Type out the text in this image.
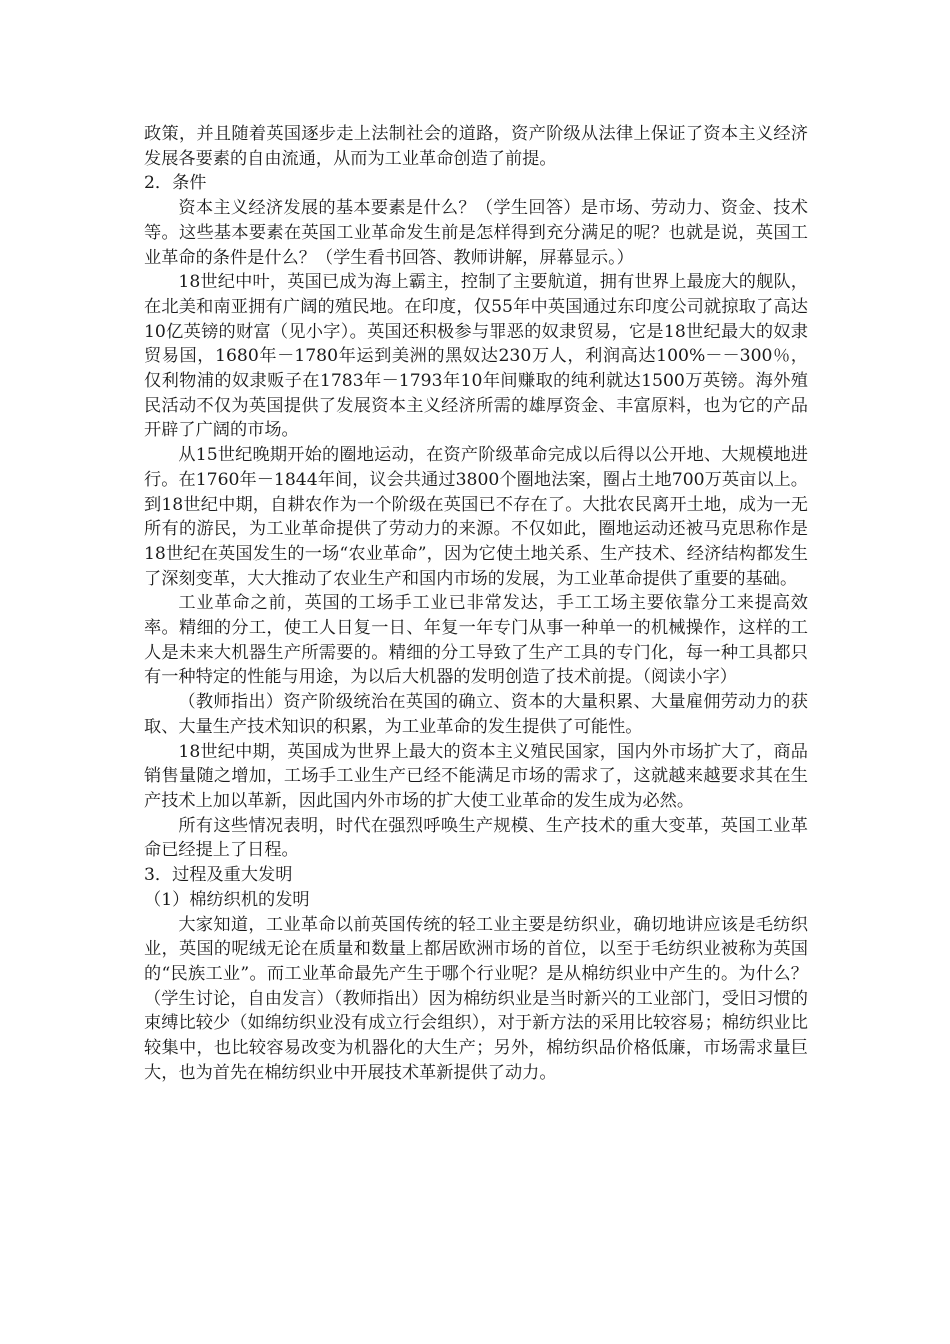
政策，并且随着英国逐步走上法制社会的道路，资产阶级从法律上保证了资本主义经济发展各要素的自由流通，从而为工业革命创造了前提。

2．条件

资本主义经济发展的基本要素是什么？（学生回答）是市场、劳动力、资金、技术等。这些基本要素在英国工业革命发生前是怎样得到充分满足的呢？也就是说，英国工业革命的条件是什么？（学生看书回答、教师讲解，屏幕显示。）

18世纪中叶，英国已成为海上霸主，控制了主要航道，拥有世界上最庞大的舰队，在北美和南亚拥有广阔的殖民地。在印度，仅55年中英国通过东印度公司就掠取了高达10亿英镑的财富（见小字）。英国还积极参与罪恶的奴隶贸易，它是18世纪最大的奴隶贸易国，1680年－1780年运到美洲的黑奴达230万人，利润高达100%－－300％，仅利物浦的奴隶贩子在1783年－1793年10年间赚取的纯利就达1500万英镑。海外殖民活动不仅为英国提供了发展资本主义经济所需的雄厚资金、丰富原料，也为它的产品开辟了广阔的市场。

从15世纪晚期开始的圈地运动，在资产阶级革命完成以后得以公开地、大规模地进行。在1760年－1844年间，议会共通过3800个圈地法案，圈占土地700万英亩以上。到18世纪中期，自耕农作为一个阶级在英国已不存在了。大批农民离开土地，成为一无所有的游民，为工业革命提供了劳动力的来源。不仅如此，圈地运动还被马克思称作是18世纪在英国发生的一场“农业革命”，因为它使土地关系、生产技术、经济结构都发生了深刻变革，大大推动了农业生产和国内市场的发展，为工业革命提供了重要的基础。

工业革命之前，英国的工场手工业已非常发达，手工工场主要依靠分工来提高效率。精细的分工，使工人日复一日、年复一年专门从事一种单一的机械操作，这样的工人是未来大机器生产所需要的。精细的分工导致了生产工具的专门化，每一种工具都只有一种特定的性能与用途，为以后大机器的发明创造了技术前提。（阅读小字）

（教师指出）资产阶级统治在英国的确立、资本的大量积累、大量雇佣劳动力的获取、大量生产技术知识的积累，为工业革命的发生提供了可能性。

18世纪中期，英国成为世界上最大的资本主义殖民国家，国内外市场扩大了，商品销售量随之增加，工场手工业生产已经不能满足市场的需求了，这就越来越要求其在生产技术上加以革新，因此国内外市场的扩大使工业革命的发生成为必然。

所有这些情况表明，时代在强烈呼唤生产规模、生产技术的重大变革，英国工业革命已经提上了日程。

3．过程及重大发明

（1）棉纺织机的发明

大家知道，工业革命以前英国传统的轻工业主要是纺织业，确切地讲应该是毛纺织业，英国的呢绒无论在质量和数量上都居欧洲市场的首位，以至于毛纺织业被称为英国的“民族工业”。而工业革命最先产生于哪个行业呢？是从棉纺织业中产生的。为什么？（学生讨论，自由发言）（教师指出）因为棉纺织业是当时新兴的工业部门，受旧习惯的束缚比较少（如绵纺织业没有成立行会组织），对于新方法的采用比较容易；棉纺织业比较集中，也比较容易改变为机器化的大生产；另外，棉纺织品价格低廉，市场需求量巨大，也为首先在棉纺织业中开展技术革新提供了动力。
